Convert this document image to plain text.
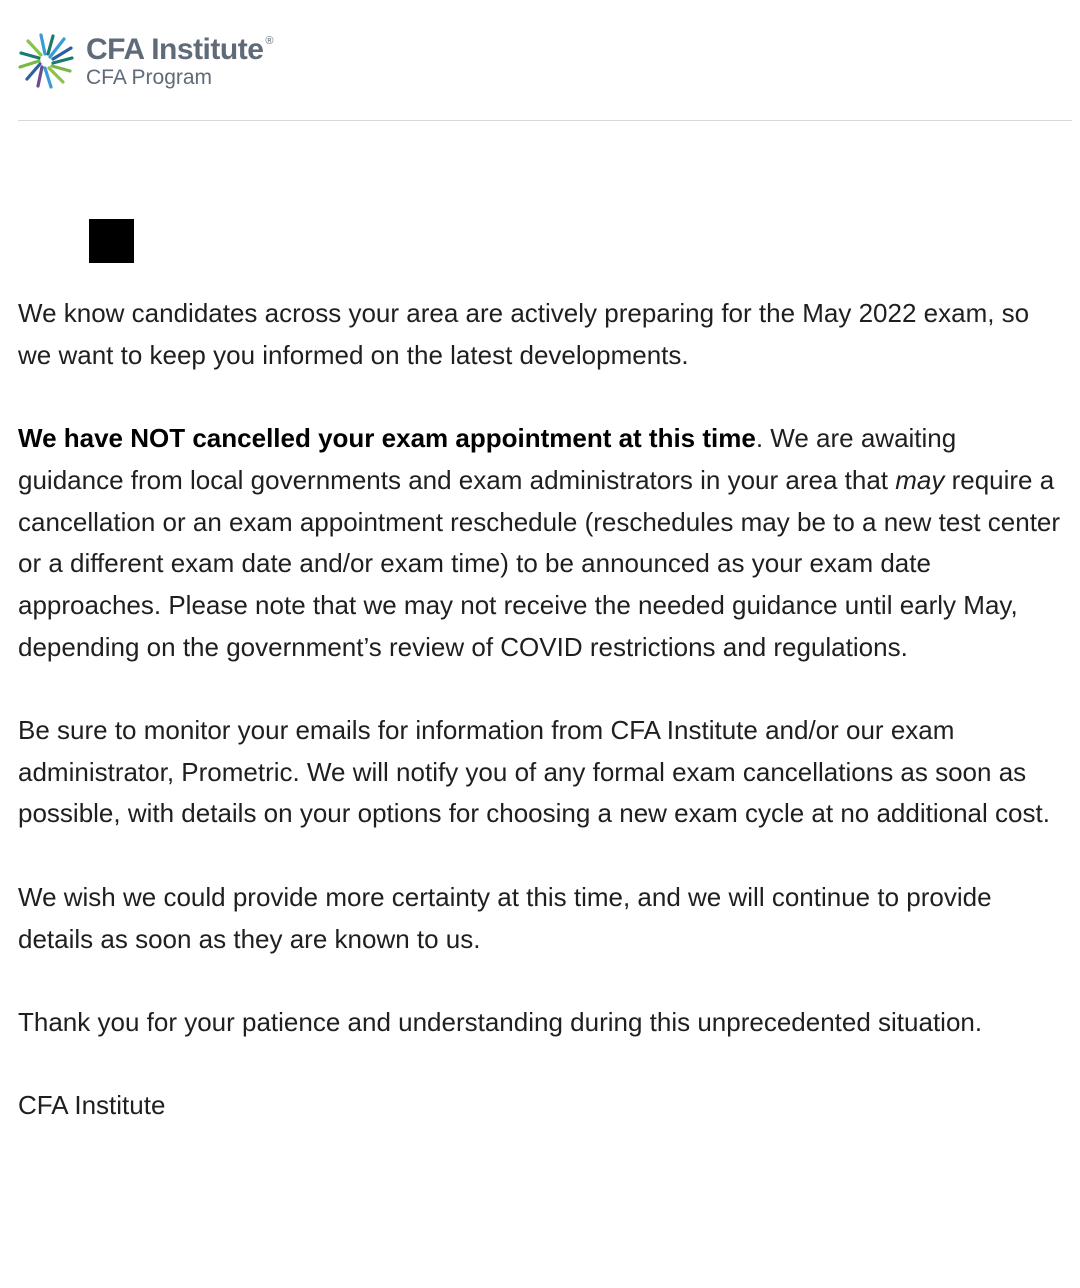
CFA Institute ®
CFA Program

We know candidates across your area are actively preparing for the May 2022 exam, so we want to keep you informed on the latest developments.

We have NOT cancelled your exam appointment at this time. We are awaiting guidance from local governments and exam administrators in your area that may require a cancellation or an exam appointment reschedule (reschedules may be to a new test center or a different exam date and/or exam time) to be announced as your exam date approaches. Please note that we may not receive the needed guidance until early May, depending on the government’s review of COVID restrictions and regulations.

Be sure to monitor your emails for information from CFA Institute and/or our exam administrator, Prometric. We will notify you of any formal exam cancellations as soon as possible, with details on your options for choosing a new exam cycle at no additional cost.

We wish we could provide more certainty at this time, and we will continue to provide details as soon as they are known to us.

Thank you for your patience and understanding during this unprecedented situation.

CFA Institute
